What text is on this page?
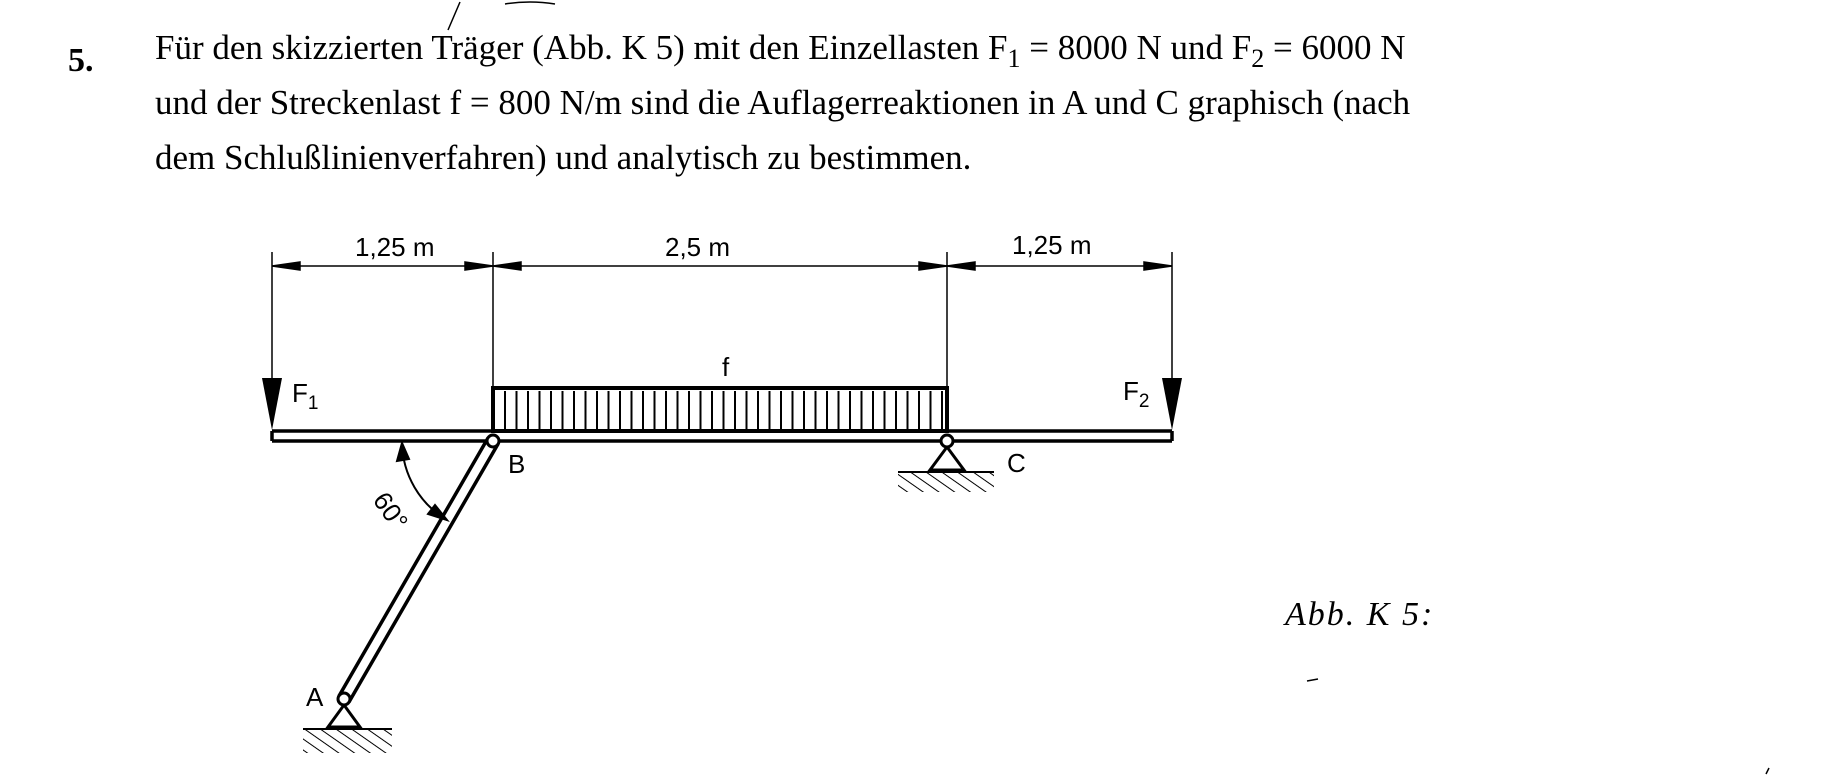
5. Für den skizzierten Träger (Abb. K 5) mit den Einzellasten $F_1 = 8000$ N und $F_2 = 6000$ N
und der Streckenlast f = 800 N/m sind die Auflagerreaktionen in A und C graphisch (nach
dem Schlußlinienverfahren) und analytisch zu bestimmen.
1,25 m	2,5 m	1,25 m
f
$F_1$	$F_2$
60°
A
C
B
Abb. K 5:
